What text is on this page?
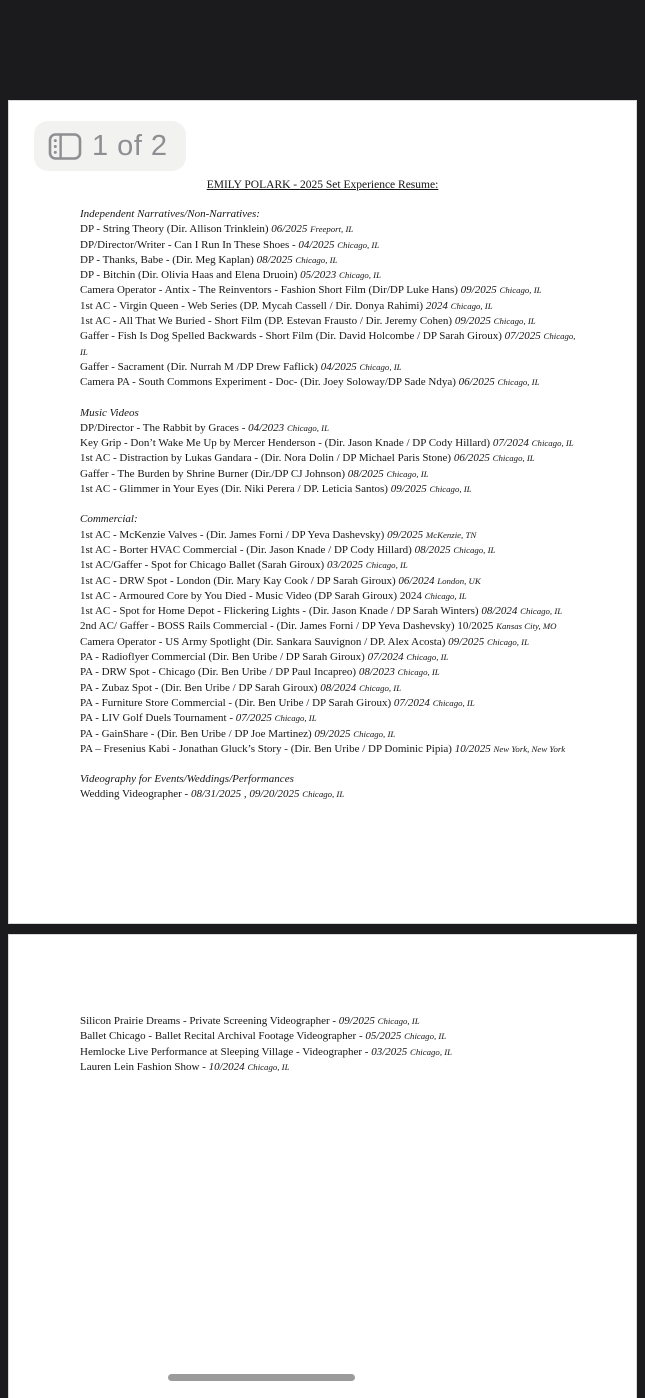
1 of 2
EMILY POLARK - 2025 Set Experience Resume:
Independent Narratives/Non-Narratives:
DP - String Theory (Dir. Allison Trinklein) 06/2025 Freeport, IL
DP/Director/Writer - Can I Run In These Shoes - 04/2025 Chicago, IL
DP - Thanks, Babe - (Dir. Meg Kaplan) 08/2025 Chicago, IL
DP - Bitchin (Dir. Olivia Haas and Elena Druoin) 05/2023 Chicago, IL
Camera Operator - Antix - The Reinventors - Fashion Short Film (Dir/DP Luke Hans) 09/2025 Chicago, IL
1st AC - Virgin Queen - Web Series (DP. Mycah Cassell / Dir. Donya Rahimi) 2024 Chicago, IL
1st AC - All That We Buried - Short Film (DP. Estevan Frausto / Dir. Jeremy Cohen) 09/2025 Chicago, IL
Gaffer - Fish Is Dog Spelled Backwards - Short Film (Dir. David Holcombe / DP Sarah Giroux) 07/2025 Chicago, IL
Gaffer - Sacrament (Dir. Nurrah M /DP Drew Faflick) 04/2025 Chicago, IL
Camera PA - South Commons Experiment - Doc- (Dir. Joey Soloway/DP Sade Ndya) 06/2025 Chicago, IL
Music Videos
DP/Director - The Rabbit by Graces - 04/2023 Chicago, IL
Key Grip - Don’t Wake Me Up by Mercer Henderson - (Dir. Jason Knade / DP Cody Hillard) 07/2024 Chicago, IL
1st AC - Distraction by Lukas Gandara - (Dir. Nora Dolin / DP Michael Paris Stone) 06/2025 Chicago, IL
Gaffer - The Burden by Shrine Burner (Dir./DP CJ Johnson) 08/2025 Chicago, IL
1st AC - Glimmer in Your Eyes (Dir. Niki Perera / DP. Leticia Santos) 09/2025 Chicago, IL
Commercial:
1st AC - McKenzie Valves - (Dir. James Forni / DP Yeva Dashevsky) 09/2025 McKenzie, TN
1st AC - Borter HVAC Commercial - (Dir. Jason Knade / DP Cody Hillard) 08/2025 Chicago, IL
1st AC/Gaffer - Spot for Chicago Ballet (Sarah Giroux) 03/2025 Chicago, IL
1st AC - DRW Spot - London (Dir. Mary Kay Cook / DP Sarah Giroux) 06/2024 London, UK
1st AC - Armoured Core by You Died - Music Video (DP Sarah Giroux) 2024 Chicago, IL
1st AC - Spot for Home Depot - Flickering Lights - (Dir. Jason Knade / DP Sarah Winters) 08/2024 Chicago, IL
2nd AC/ Gaffer - BOSS Rails Commercial - (Dir. James Forni / DP Yeva Dashevsky) 10/2025 Kansas City, MO
Camera Operator - US Army Spotlight (Dir. Sankara Sauvignon / DP. Alex Acosta) 09/2025 Chicago, IL
PA - Radioflyer Commercial (Dir. Ben Uribe / DP Sarah Giroux) 07/2024 Chicago, IL
PA - DRW Spot - Chicago (Dir. Ben Uribe / DP Paul Incapreo) 08/2023 Chicago, IL
PA - Zubaz Spot - (Dir. Ben Uribe / DP Sarah Giroux) 08/2024 Chicago, IL
PA - Furniture Store Commercial - (Dir. Ben Uribe / DP Sarah Giroux) 07/2024 Chicago, IL
PA - LIV Golf Duels Tournament - 07/2025 Chicago, IL
PA - GainShare - (Dir. Ben Uribe / DP Joe Martinez) 09/2025 Chicago, IL
PA – Fresenius Kabi - Jonathan Gluck’s Story - (Dir. Ben Uribe / DP Dominic Pipia) 10/2025 New York, New York
Videography for Events/Weddings/Performances
Wedding Videographer - 08/31/2025 , 09/20/2025 Chicago, IL
Silicon Prairie Dreams - Private Screening Videographer - 09/2025 Chicago, IL
Ballet Chicago - Ballet Recital Archival Footage Videographer - 05/2025 Chicago, IL
Hemlocke Live Performance at Sleeping Village - Videographer - 03/2025 Chicago, IL
Lauren Lein Fashion Show - 10/2024 Chicago, IL
